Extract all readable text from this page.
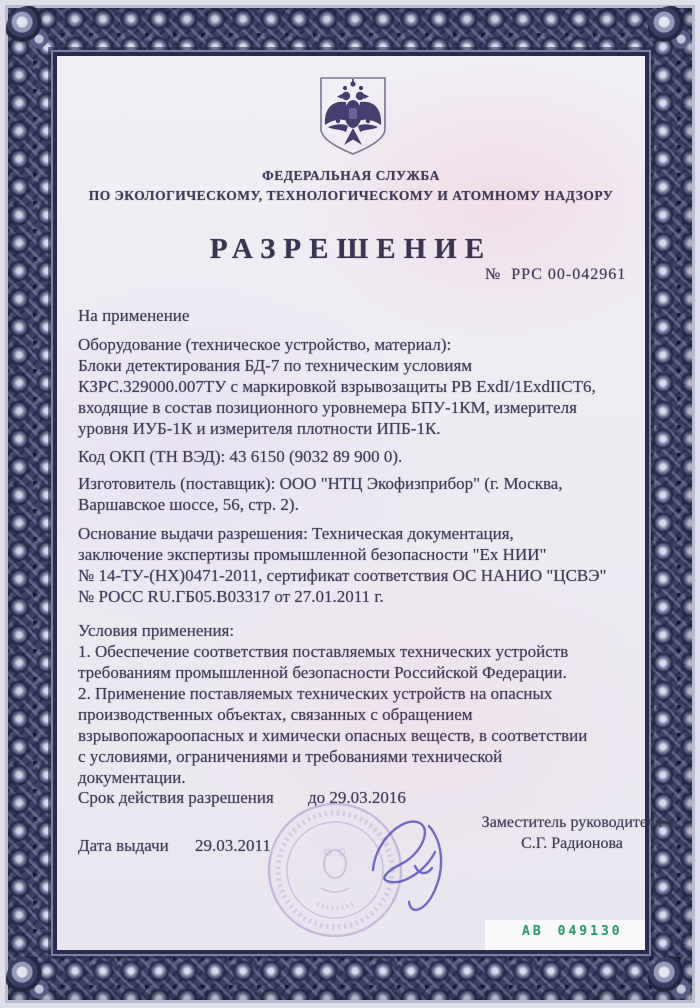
ФЕДЕРАЛЬНАЯ СЛУЖБА
ПО ЭКОЛОГИЧЕСКОМУ, ТЕХНОЛОГИЧЕСКОМУ И АТОМНОМУ НАДЗОРУ
РАЗРЕШЕНИЕ
№ РРС 00-042961
На применение
Оборудование (техническое устройство, материал):
Блоки детектирования БД-7 по техническим условиям
КЗРС.329000.007ТУ с маркировкой взрывозащиты РВ ExdI/1ExdIICT6,
входящие в состав позиционного уровнемера БПУ-1КМ, измерителя
уровня ИУБ-1К и измерителя плотности ИПБ-1К.
Код ОКП (ТН ВЭД): 43 6150 (9032 89 900 0).
Изготовитель (поставщик): ООО "НТЦ Экофизприбор" (г. Москва,
Варшавское шоссе, 56, стр. 2).
Основание выдачи разрешения: Техническая документация,
заключение экспертизы промышленной безопасности "Ех НИИ"
№ 14-ТУ-(НХ)0471-2011, сертификат соответствия ОС НАНИО "ЦСВЭ"
№ РОСС RU.ГБ05.В03317 от 27.01.2011 г.
Условия применения:
1. Обеспечение соответствия поставляемых технических устройств
требованиям промышленной безопасности Российской Федерации.
2. Применение поставляемых технических устройств на опасных
производственных объектах, связанных с обращением
взрывопожароопасных и химически опасных веществ, в соответствии
с условиями, ограничениями и требованиями технической
документации.
Срок действия разрешения до 29.03.2016
Заместитель руководителя
С.Г. Радионова
Дата выдачи 29.03.2011
АВ 049130
